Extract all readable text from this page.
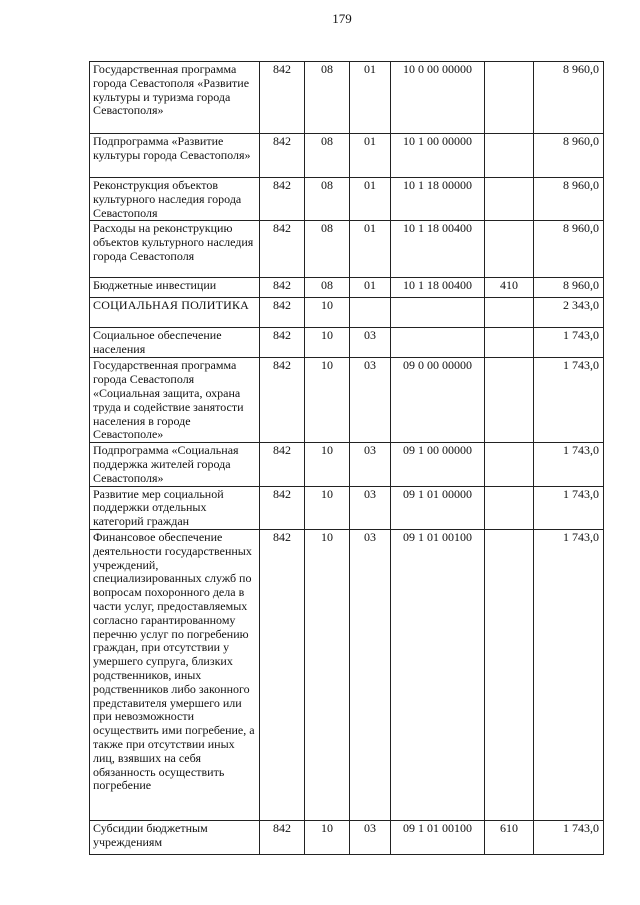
179
Государственная программа города Севастополя «Развитие культуры и туризма города Севастополя»	842	08	01	10 0 00 00000		8 960,0
Подпрограмма «Развитие культуры города Севастополя»	842	08	01	10 1 00 00000		8 960,0
Реконструкция объектов культурного наследия города Севастополя	842	08	01	10 1 18 00000		8 960,0
Расходы на реконструкцию объектов культурного наследия города Севастополя	842	08	01	10 1 18 00400		8 960,0
Бюджетные инвестиции	842	08	01	10 1 18 00400	410	8 960,0
СОЦИАЛЬНАЯ ПОЛИТИКА	842	10				2 343,0
Социальное обеспечение населения	842	10	03			1 743,0
Государственная программа города Севастополя «Социальная защита, охрана труда и содействие занятости населения в городе Севастополе»	842	10	03	09 0 00 00000		1 743,0
Подпрограмма «Социальная поддержка жителей города Севастополя»	842	10	03	09 1 00 00000		1 743,0
Развитие мер социальной поддержки отдельных категорий граждан	842	10	03	09 1 01 00000		1 743,0
Финансовое обеспечение деятельности государственных учреждений, специализированных служб по вопросам похоронного дела в части услуг, предоставляемых согласно гарантированному перечню услуг по погребению граждан, при отсутствии у умершего супруга, близких родственников, иных родственников либо законного представителя умершего или при невозможности осуществить ими погребение, а также при отсутствии иных лиц, взявших на себя обязанность осуществить погребение	842	10	03	09 1 01 00100		1 743,0
Субсидии бюджетным учреждениям	842	10	03	09 1 01 00100	610	1 743,0
